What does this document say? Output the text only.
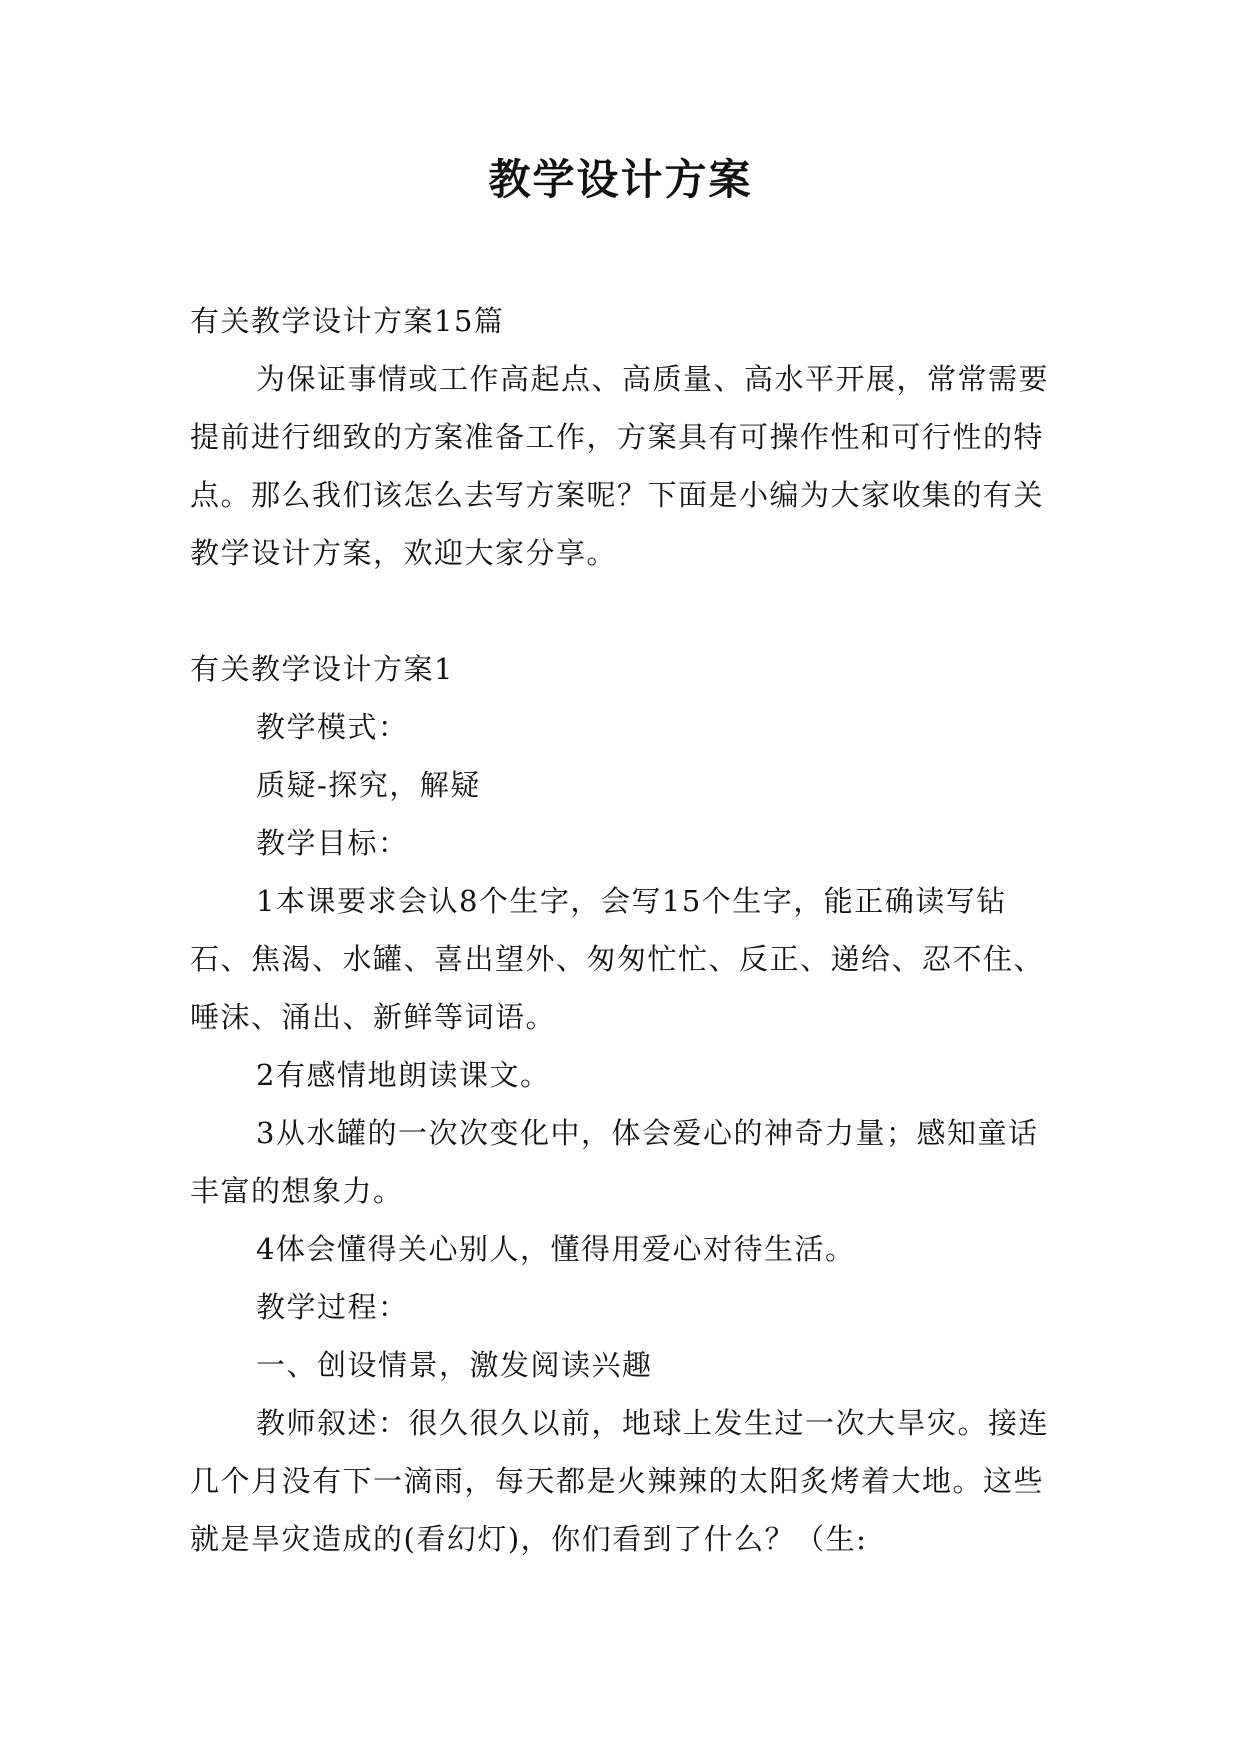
教学设计方案

有关教学设计方案15篇

为保证事情或工作高起点、高质量、高水平开展，常常需要提前进行细致的方案准备工作，方案具有可操作性和可行性的特点。那么我们该怎么去写方案呢？下面是小编为大家收集的有关教学设计方案，欢迎大家分享。

有关教学设计方案1

教学模式：

质疑-探究，解疑

教学目标：

1本课要求会认8个生字，会写15个生字，能正确读写钻石、焦渴、水罐、喜出望外、匆匆忙忙、反正、递给、忍不住、唾沫、涌出、新鲜等词语。

2有感情地朗读课文。

3从水罐的一次次变化中，体会爱心的神奇力量；感知童话丰富的想象力。

4体会懂得关心别人，懂得用爱心对待生活。

教学过程：

一、创设情景，激发阅读兴趣

教师叙述：很久很久以前，地球上发生过一次大旱灾。接连几个月没有下一滴雨，每天都是火辣辣的太阳炙烤着大地。这些就是旱灾造成的(看幻灯)，你们看到了什么？（生:
